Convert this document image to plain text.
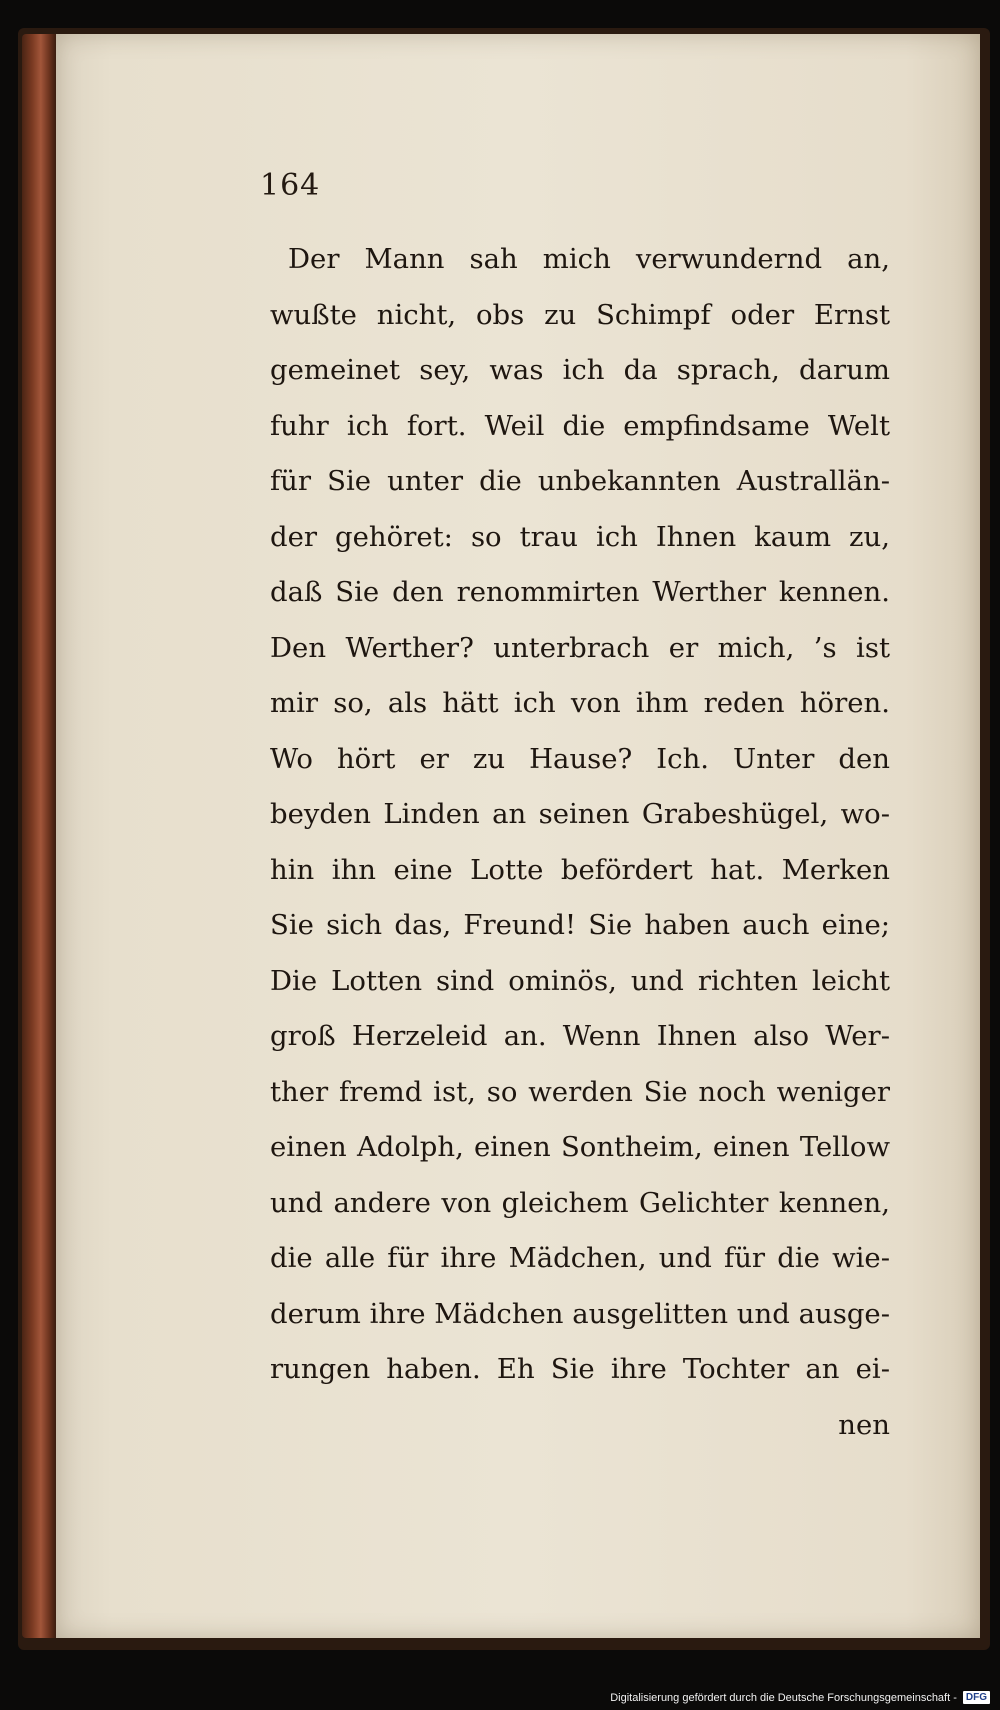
164
Der Mann sah mich verwundernd an,
wußte nicht, obs zu Schimpf oder Ernst
gemeinet sey, was ich da sprach, darum
fuhr ich fort. Weil die empfindsame Welt
für Sie unter die unbekannten Australlän-
der gehöret: so trau ich Ihnen kaum zu,
daß Sie den renommirten Werther kennen.
Den Werther? unterbrach er mich, ’s ist
mir so, als hätt ich von ihm reden hören.
Wo hört er zu Hause? Ich. Unter den
beyden Linden an seinen Grabeshügel, wo-
hin ihn eine Lotte befördert hat. Merken
Sie sich das, Freund! Sie haben auch eine;
Die Lotten sind ominös, und richten leicht
groß Herzeleid an. Wenn Ihnen also Wer-
ther fremd ist, so werden Sie noch weniger
einen Adolph, einen Sontheim, einen Tellow
und andere von gleichem Gelichter kennen,
die alle für ihre Mädchen, und für die wie-
derum ihre Mädchen ausgelitten und ausge-
rungen haben. Eh Sie ihre Tochter an ei-
nen
Digitalisierung gefördert durch die Deutsche Forschungsgemeinschaft - DFG
